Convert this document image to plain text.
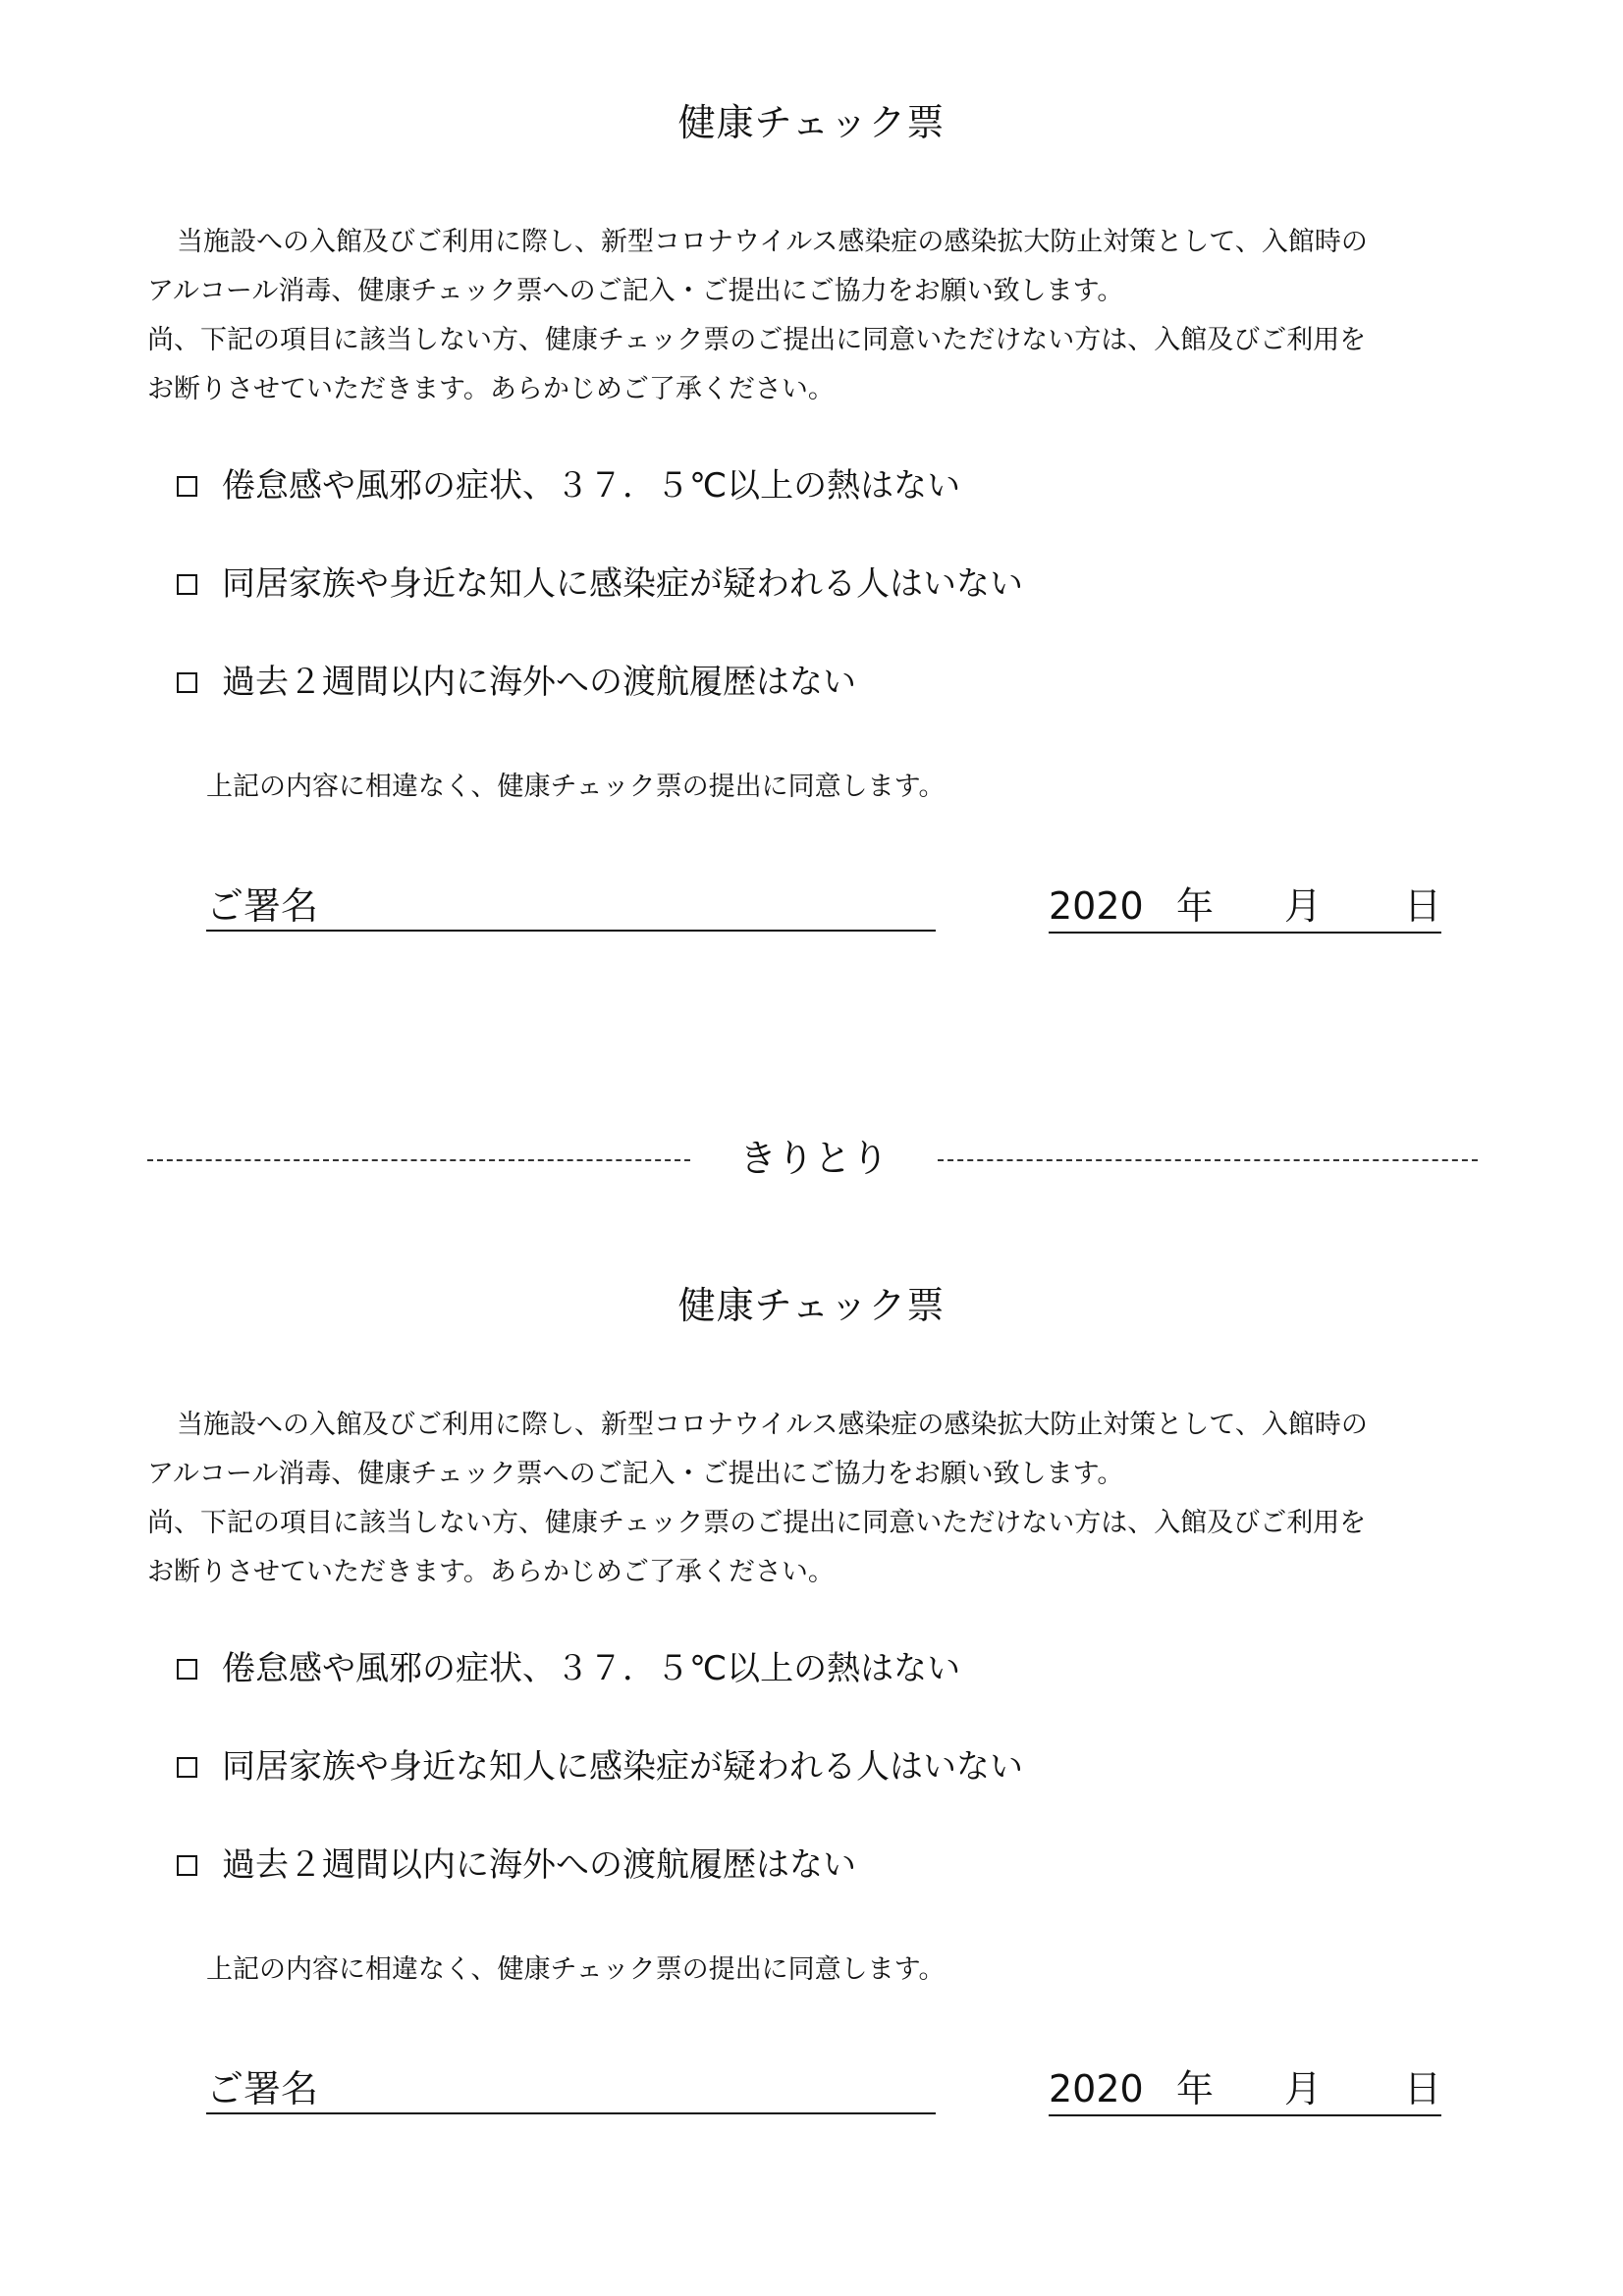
健康チェック票

当施設への入館及びご利用に際し、新型コロナウイルス感染症の感染拡大防止対策として、入館時の

アルコール消毒、健康チェック票へのご記入・ご提出にご協力をお願い致します。

尚、下記の項目に該当しない方、健康チェック票のご提出に同意いただけない方は、入館及びご利用を

お断りさせていただきます。あらかじめご了承ください。

倦怠感や風邪の症状、３７．５℃以上の熱はない
同居家族や身近な知人に感染症が疑われる人はいない
過去２週間以内に海外への渡航履歴はない
上記の内容に相違なく、健康チェック票の提出に同意します。
ご署名	2020 年 月 日
きりとり
健康チェック票

当施設への入館及びご利用に際し、新型コロナウイルス感染症の感染拡大防止対策として、入館時の

アルコール消毒、健康チェック票へのご記入・ご提出にご協力をお願い致します。

尚、下記の項目に該当しない方、健康チェック票のご提出に同意いただけない方は、入館及びご利用を

お断りさせていただきます。あらかじめご了承ください。

倦怠感や風邪の症状、３７．５℃以上の熱はない
同居家族や身近な知人に感染症が疑われる人はいない
過去２週間以内に海外への渡航履歴はない
上記の内容に相違なく、健康チェック票の提出に同意します。
ご署名	2020 年 月 日
